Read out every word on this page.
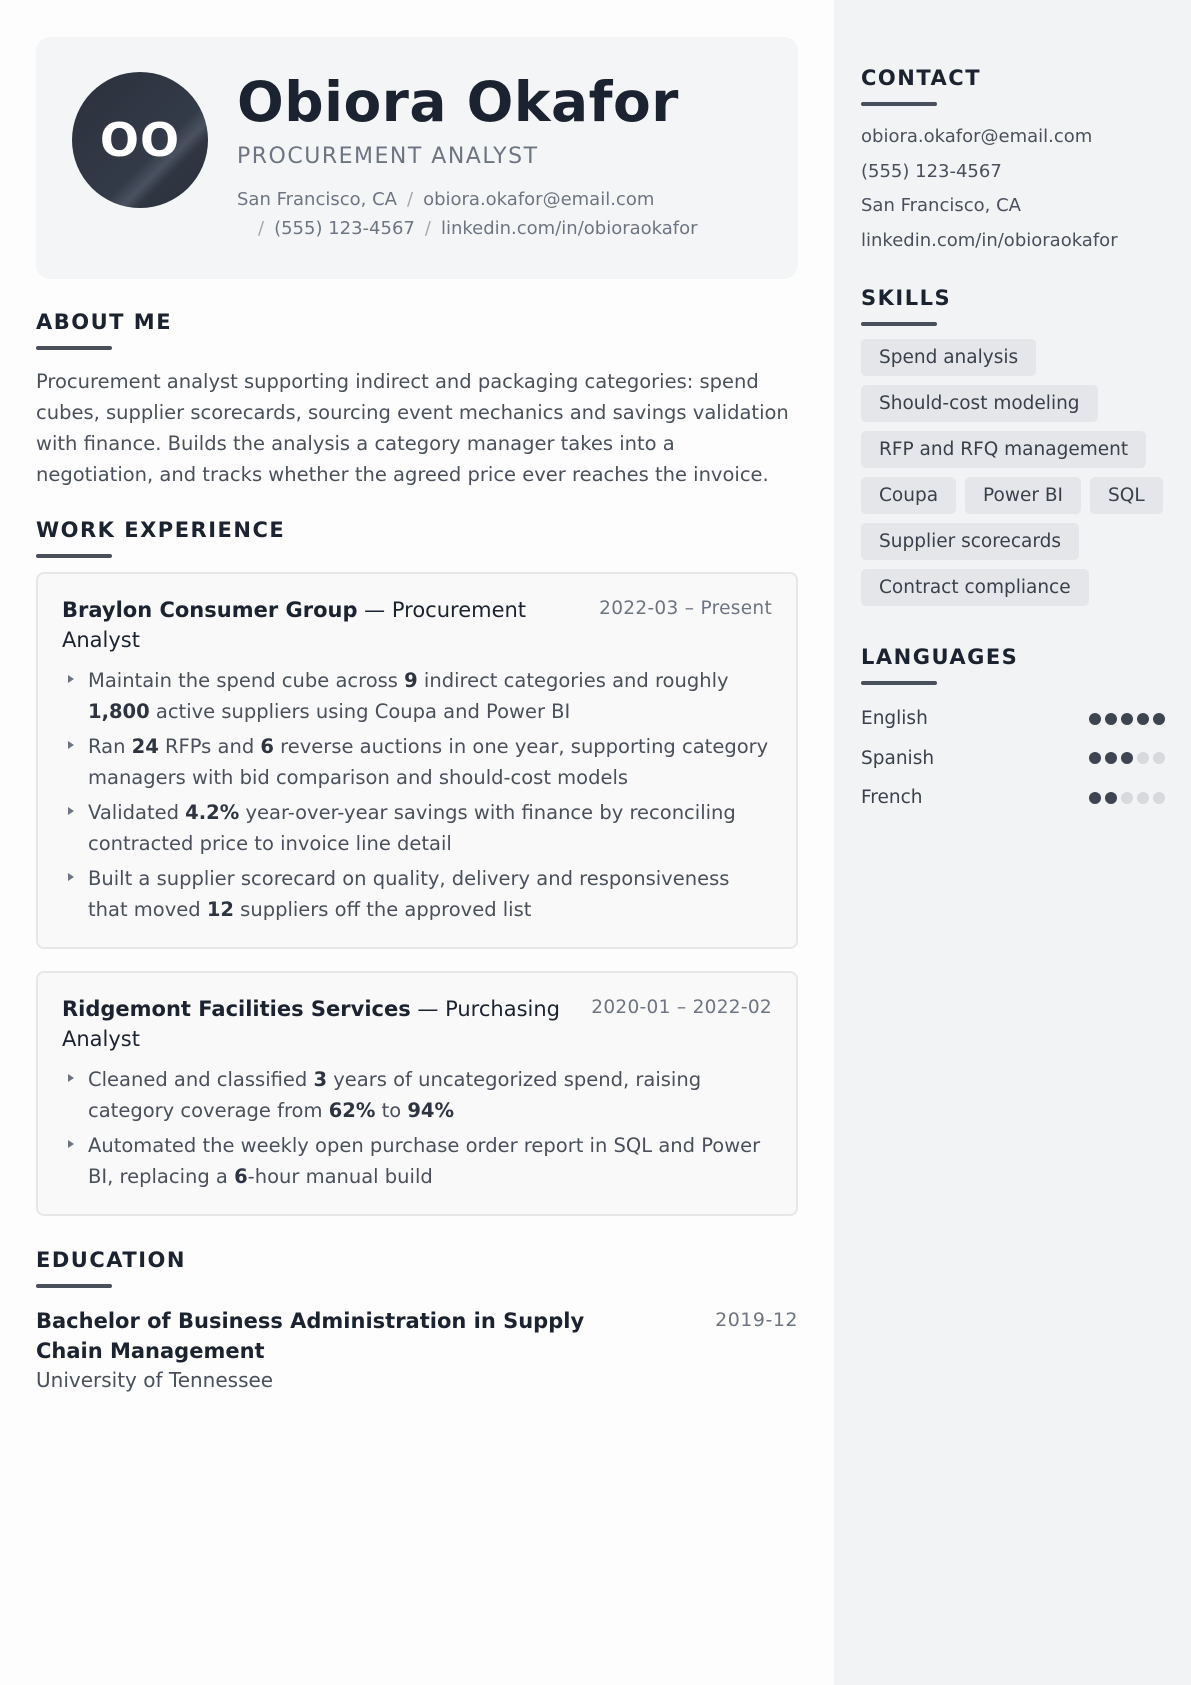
OO
Obiora Okafor
PROCUREMENT ANALYST
San Francisco, CA / obiora.okafor@email.com
/ (555) 123-4567 / linkedin.com/in/obioraokafor
ABOUT ME

Procurement analyst supporting indirect and packaging categories: spend cubes, supplier scorecards, sourcing event mechanics and savings validation with finance. Builds the analysis a category manager takes into a negotiation, and tracks whether the agreed price ever reaches the invoice.

WORK EXPERIENCE
Braylon Consumer Group — Procurement Analyst
2022-03 – Present
Maintain the spend cube across 9 indirect categories and roughly 1,800 active suppliers using Coupa and Power BI
Ran 24 RFPs and 6 reverse auctions in one year, supporting category managers with bid comparison and should-cost models
Validated 4.2% year-over-year savings with finance by reconciling contracted price to invoice line detail
Built a supplier scorecard on quality, delivery and responsiveness that moved 12 suppliers off the approved list
Ridgemont Facilities Services — Purchasing Analyst
2020-01 – 2022-02
Cleaned and classified 3 years of uncategorized spend, raising category coverage from 62% to 94%
Automated the weekly open purchase order report in SQL and Power BI, replacing a 6-hour manual build
EDUCATION
Bachelor of Business Administration in Supply Chain Management
2019-12
University of Tennessee
CONTACT
obiora.okafor@email.com
(555) 123-4567
San Francisco, CA
linkedin.com/in/obioraokafor
SKILLS
Spend analysis
Should-cost modeling
RFP and RFQ management
Coupa	Power BI	SQL
Supplier scorecards
Contract compliance
LANGUAGES
English
Spanish
French
